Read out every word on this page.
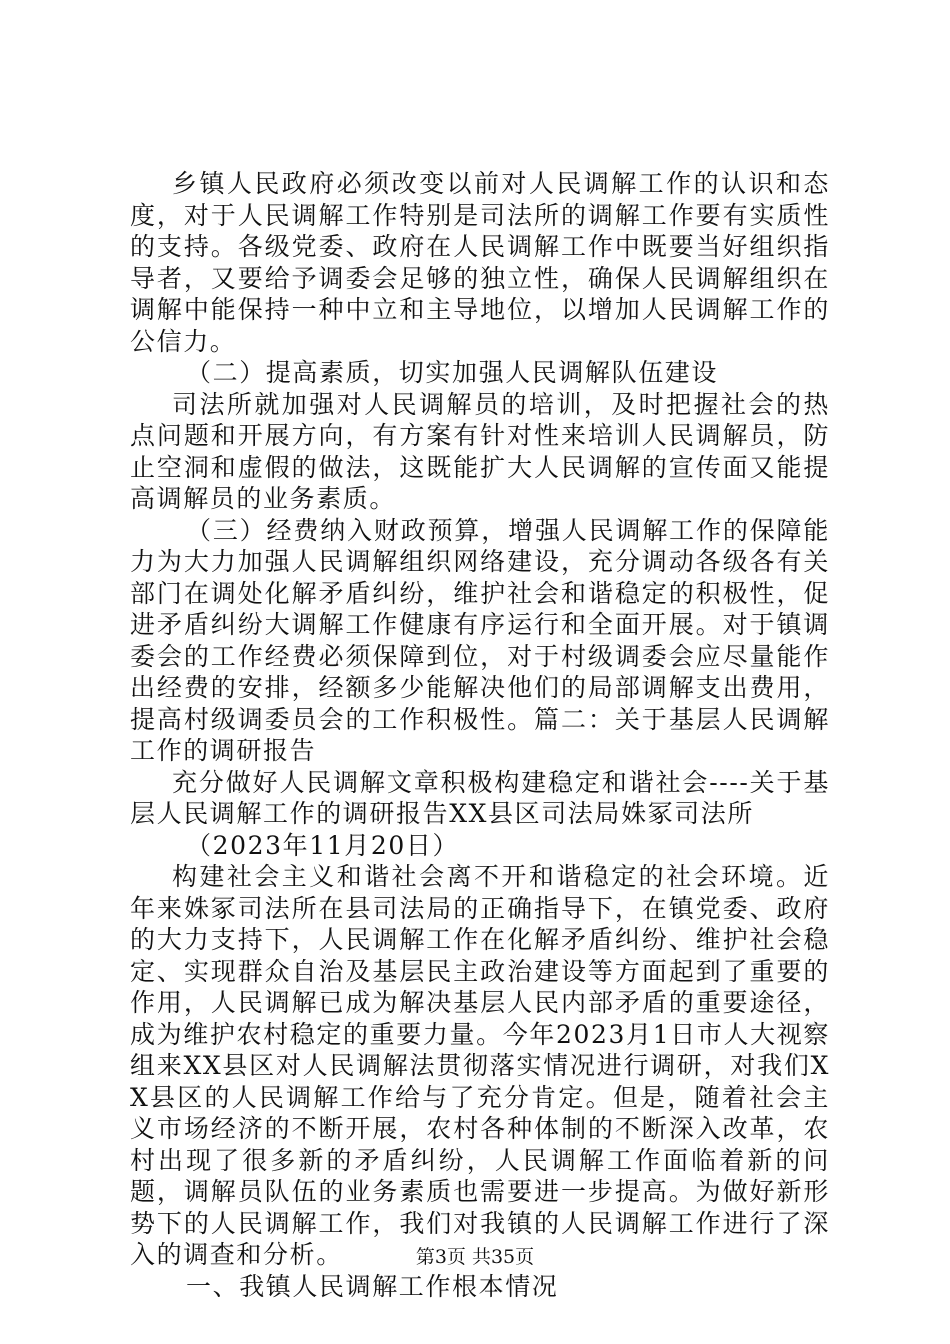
乡镇人民政府必须改变以前对人民调解工作的认识和态度，对于人民调解工作特别是司法所的调解工作要有实质性的支持。各级党委、政府在人民调解工作中既要当好组织指导者，又要给予调委会足够的独立性，确保人民调解组织在调解中能保持一种中立和主导地位，以增加人民调解工作的公信力。

（二）提高素质，切实加强人民调解队伍建设

司法所就加强对人民调解员的培训，及时把握社会的热点问题和开展方向，有方案有针对性来培训人民调解员，防止空洞和虚假的做法，这既能扩大人民调解的宣传面又能提高调解员的业务素质。

（三）经费纳入财政预算，增强人民调解工作的保障能力为大力加强人民调解组织网络建设，充分调动各级各有关部门在调处化解矛盾纠纷，维护社会和谐稳定的积极性，促进矛盾纠纷大调解工作健康有序运行和全面开展。对于镇调委会的工作经费必须保障到位，对于村级调委会应尽量能作出经费的安排，经额多少能解决他们的局部调解支出费用，提高村级调委员会的工作积极性。篇二：关于基层人民调解工作的调研报告

充分做好人民调解文章积极构建稳定和谐社会----关于基层人民调解工作的调研报告XX县区司法局姝冢司法所

（2023年11月20日）

构建社会主义和谐社会离不开和谐稳定的社会环境。近年来姝冢司法所在县司法局的正确指导下，在镇党委、政府的大力支持下，人民调解工作在化解矛盾纠纷、维护社会稳定、实现群众自治及基层民主政治建设等方面起到了重要的作用，人民调解已成为解决基层人民内部矛盾的重要途径，成为维护农村稳定的重要力量。今年2023月1日市人大视察组来XX县区对人民调解法贯彻落实情况进行调研，对我们XX县区的人民调解工作给与了充分肯定。但是，随着社会主义市场经济的不断开展，农村各种体制的不断深入改革，农村出现了很多新的矛盾纠纷，人民调解工作面临着新的问题，调解员队伍的业务素质也需要进一步提高。为做好新形势下的人民调解工作，我们对我镇的人民调解工作进行了深入的调查和分析。

一、我镇人民调解工作根本情况

第3页 共35页
